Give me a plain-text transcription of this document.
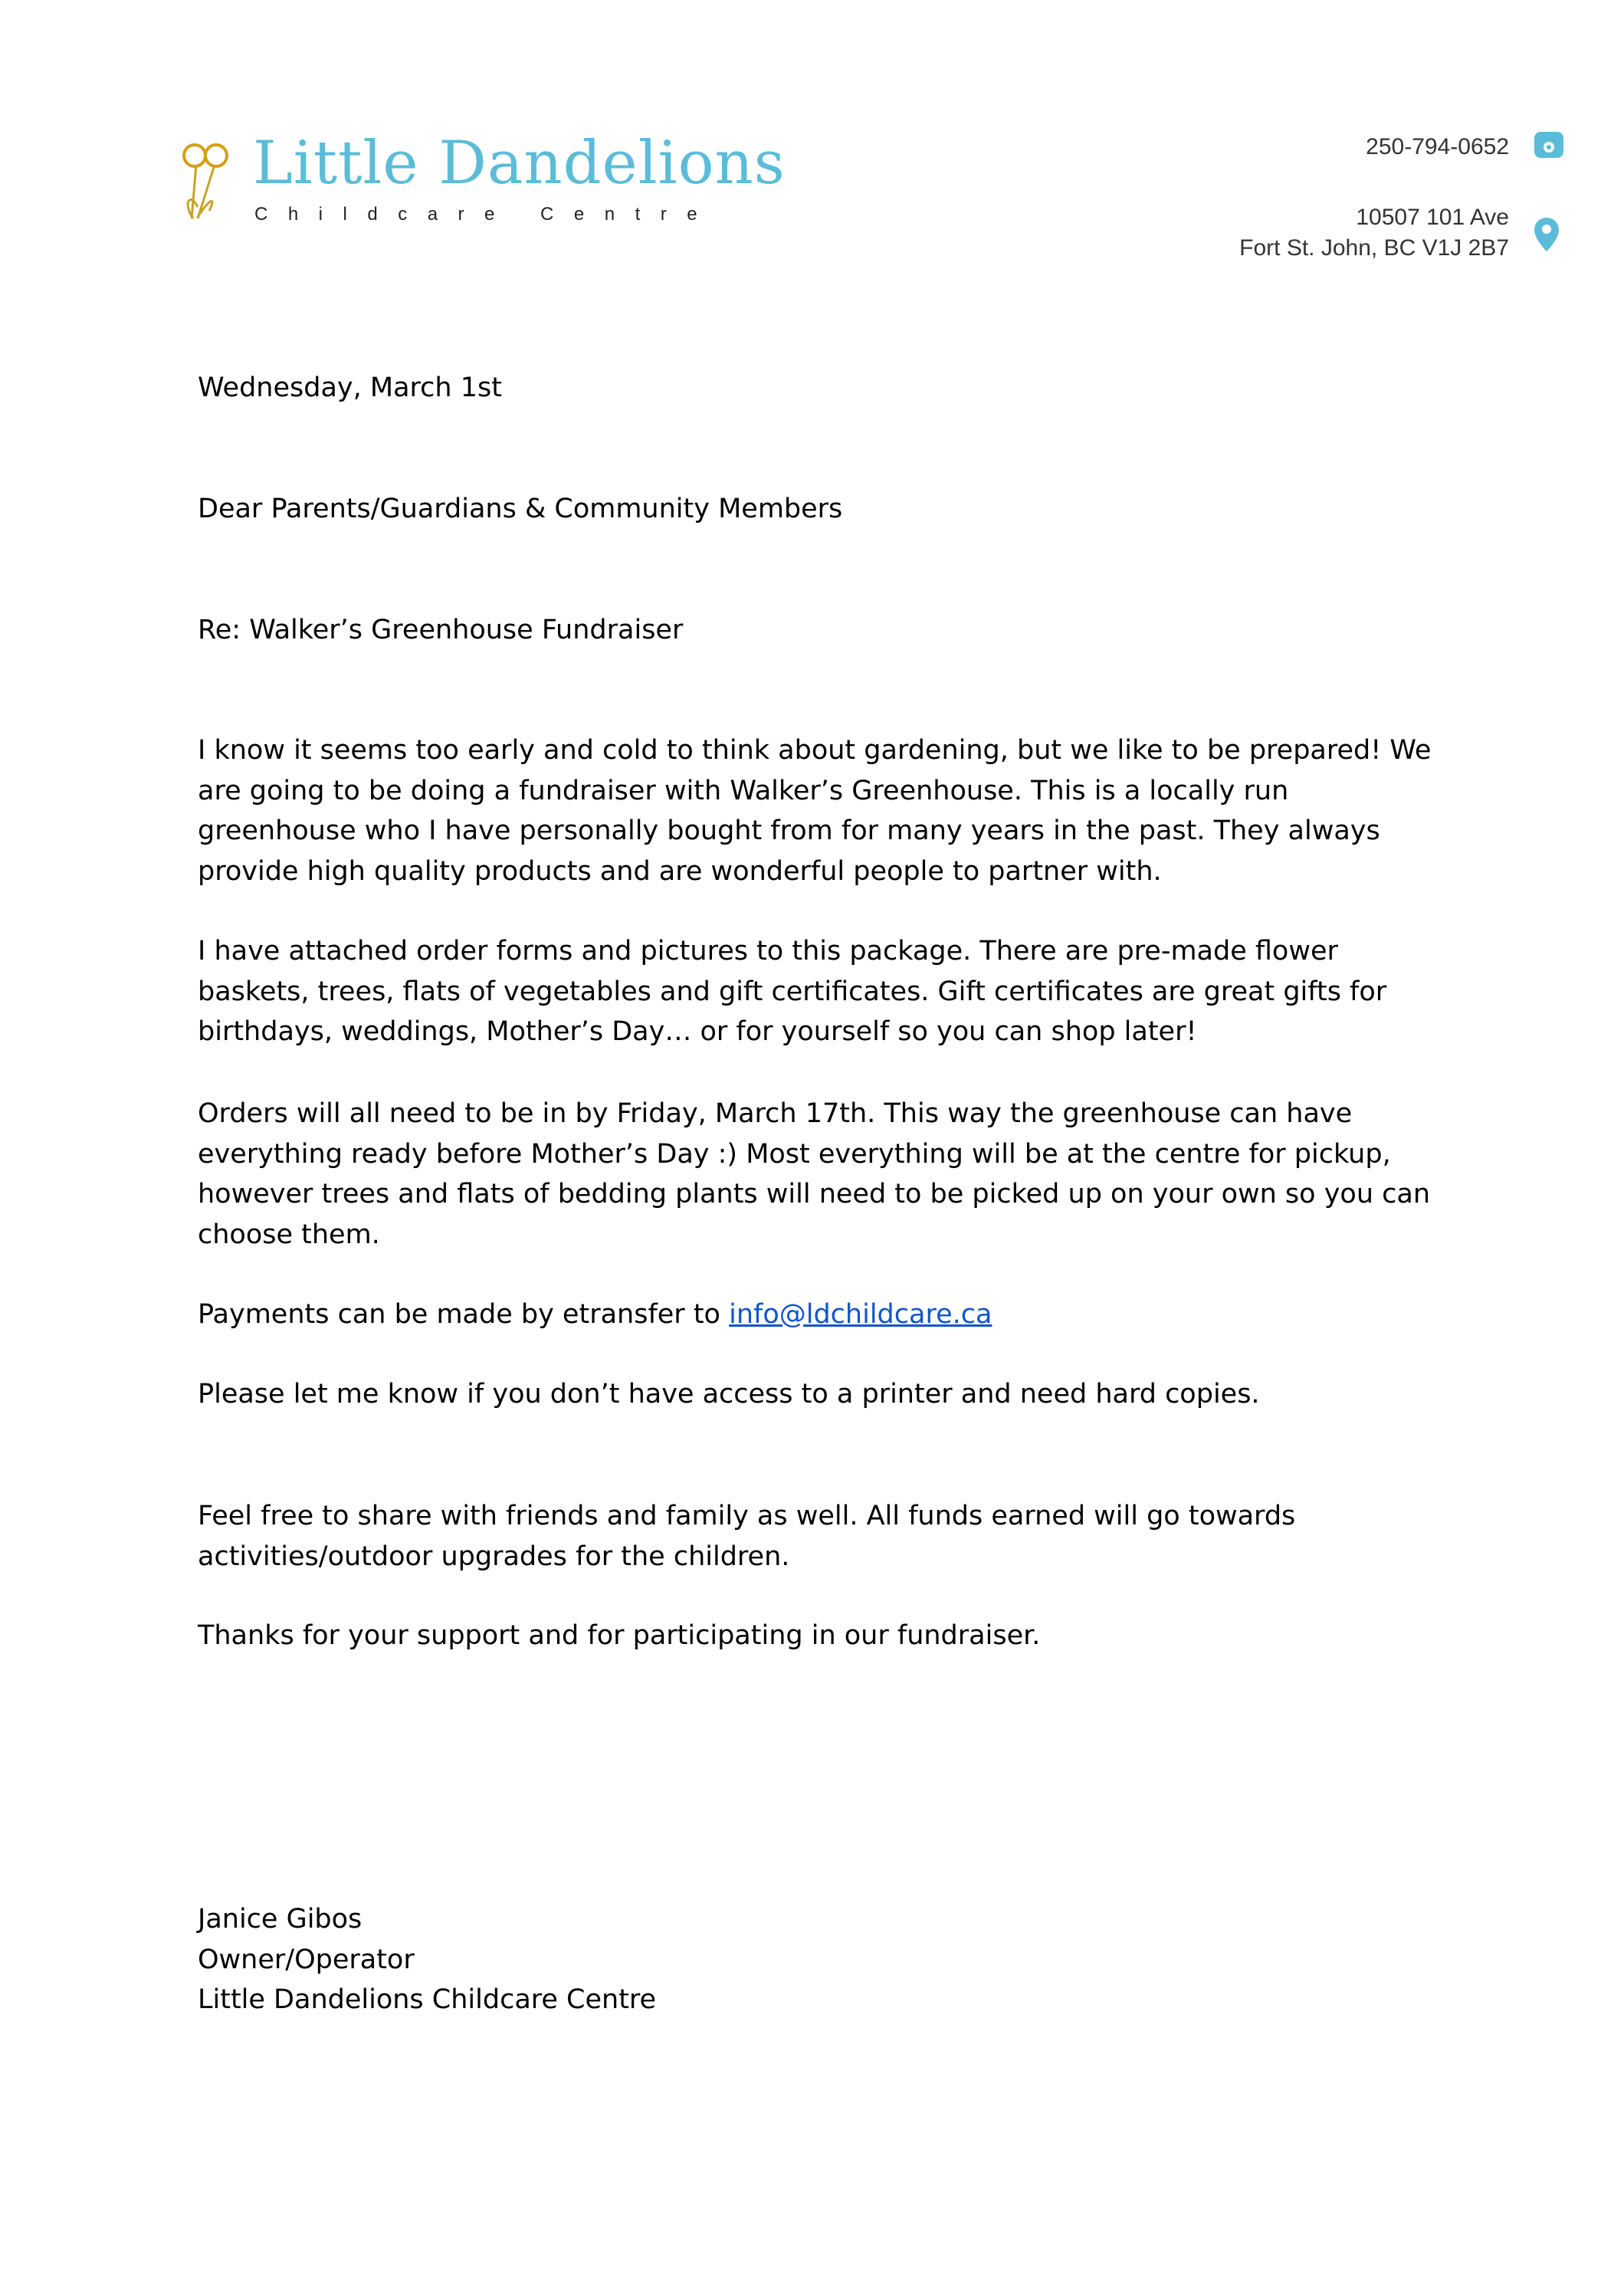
Little Dandelions
Childcare Centre
250-794-0652
10507 101 Ave
Fort St. John, BC V1J 2B7

Wednesday, March 1st

Dear Parents/Guardians & Community Members

Re: Walker’s Greenhouse Fundraiser

I know it seems too early and cold to think about gardening, but we like to be prepared! We are going to be doing a fundraiser with Walker’s Greenhouse. This is a locally run greenhouse who I have personally bought from for many years in the past. They always provide high quality products and are wonderful people to partner with.

I have attached order forms and pictures to this package. There are pre-made flower baskets, trees, flats of vegetables and gift certificates. Gift certificates are great gifts for birthdays, weddings, Mother’s Day… or for yourself so you can shop later!

Orders will all need to be in by Friday, March 17th. This way the greenhouse can have everything ready before Mother’s Day :) Most everything will be at the centre for pickup, however trees and flats of bedding plants will need to be picked up on your own so you can choose them.

Payments can be made by etransfer to info@ldchildcare.ca

Please let me know if you don’t have access to a printer and need hard copies.

Feel free to share with friends and family as well. All funds earned will go towards activities/outdoor upgrades for the children.

Thanks for your support and for participating in our fundraiser.

Janice Gibos
Owner/Operator
Little Dandelions Childcare Centre
